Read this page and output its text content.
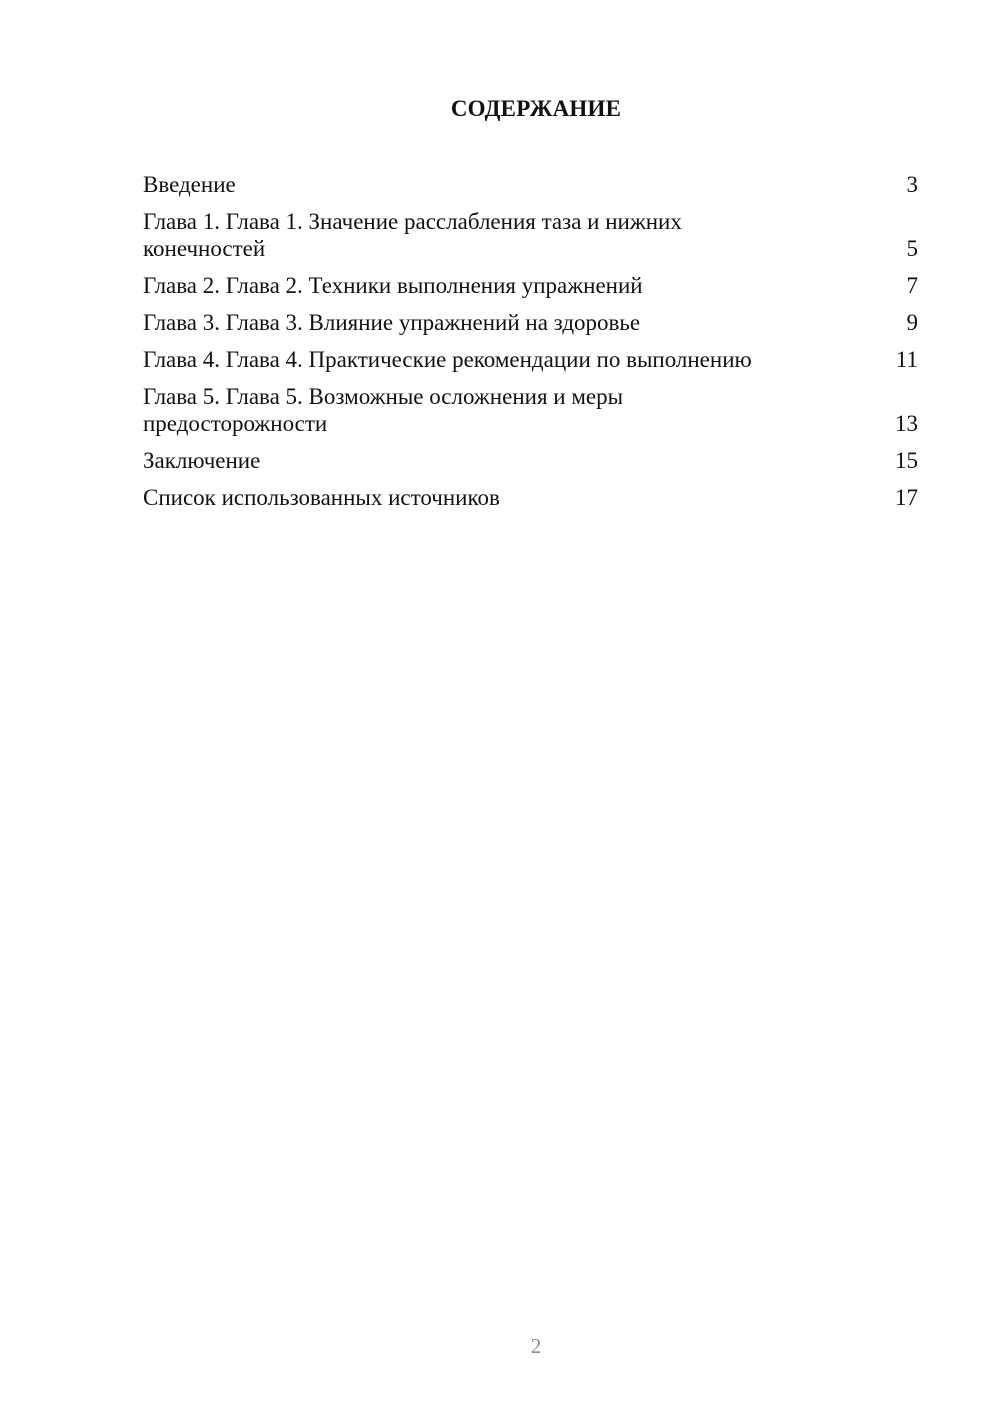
СОДЕРЖАНИЕ
Введение	3
Глава 1. Глава 1. Значение расслабления таза и нижних конечностей	5
Глава 2. Глава 2. Техники выполнения упражнений	7
Глава 3. Глава 3. Влияние упражнений на здоровье	9
Глава 4. Глава 4. Практические рекомендации по выполнению	11
Глава 5. Глава 5. Возможные осложнения и меры предосторожности	13
Заключение	15
Список использованных источников	17
2
